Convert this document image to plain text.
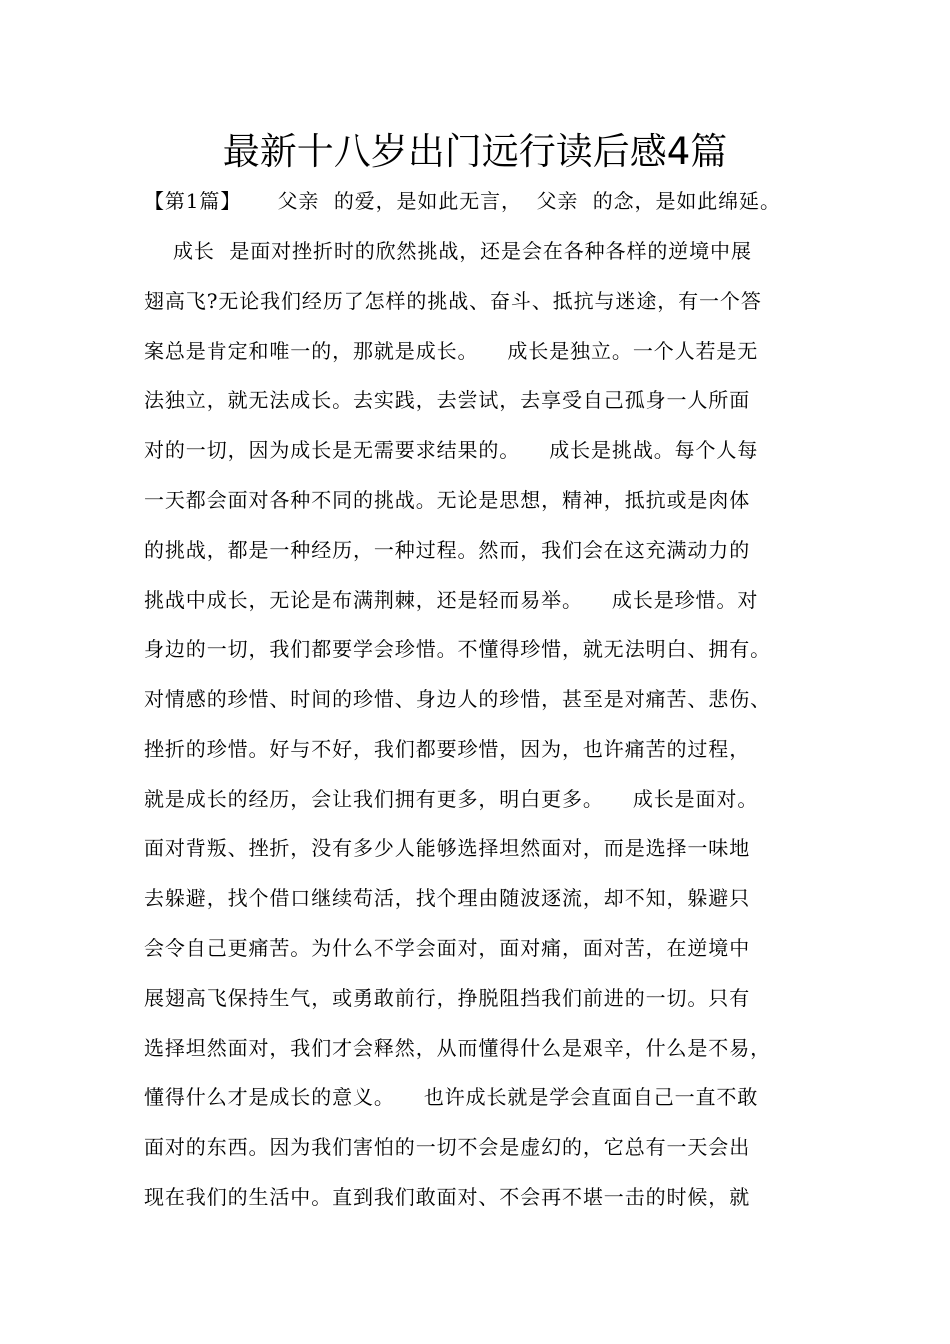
最新十八岁出门远行读后感4篇
【第1篇】     父亲  的爱，是如此无言，  父亲  的念，是如此绵延。
成长  是面对挫折时的欣然挑战，还是会在各种各样的逆境中展
翅高飞?无论我们经历了怎样的挑战、奋斗、抵抗与迷途，有一个答
案总是肯定和唯一的，那就是成长。    成长是独立。一个人若是无
法独立，就无法成长。去实践，去尝试，去享受自己孤身一人所面
对的一切，因为成长是无需要求结果的。    成长是挑战。每个人每
一天都会面对各种不同的挑战。无论是思想，精神，抵抗或是肉体
的挑战，都是一种经历，一种过程。然而，我们会在这充满动力的
挑战中成长，无论是布满荆棘，还是轻而易举。    成长是珍惜。对
身边的一切，我们都要学会珍惜。不懂得珍惜，就无法明白、拥有。
对情感的珍惜、时间的珍惜、身边人的珍惜，甚至是对痛苦、悲伤、
挫折的珍惜。好与不好，我们都要珍惜，因为，也许痛苦的过程，
就是成长的经历，会让我们拥有更多，明白更多。    成长是面对。
面对背叛、挫折，没有多少人能够选择坦然面对，而是选择一味地
去躲避，找个借口继续苟活，找个理由随波逐流，却不知，躲避只
会令自己更痛苦。为什么不学会面对，面对痛，面对苦，在逆境中
展翅高飞保持生气，或勇敢前行，挣脱阻挡我们前进的一切。只有
选择坦然面对，我们才会释然，从而懂得什么是艰辛，什么是不易，
懂得什么才是成长的意义。    也许成长就是学会直面自己一直不敢
面对的东西。因为我们害怕的一切不会是虚幻的，它总有一天会出
现在我们的生活中。直到我们敢面对、不会再不堪一击的时候，就
